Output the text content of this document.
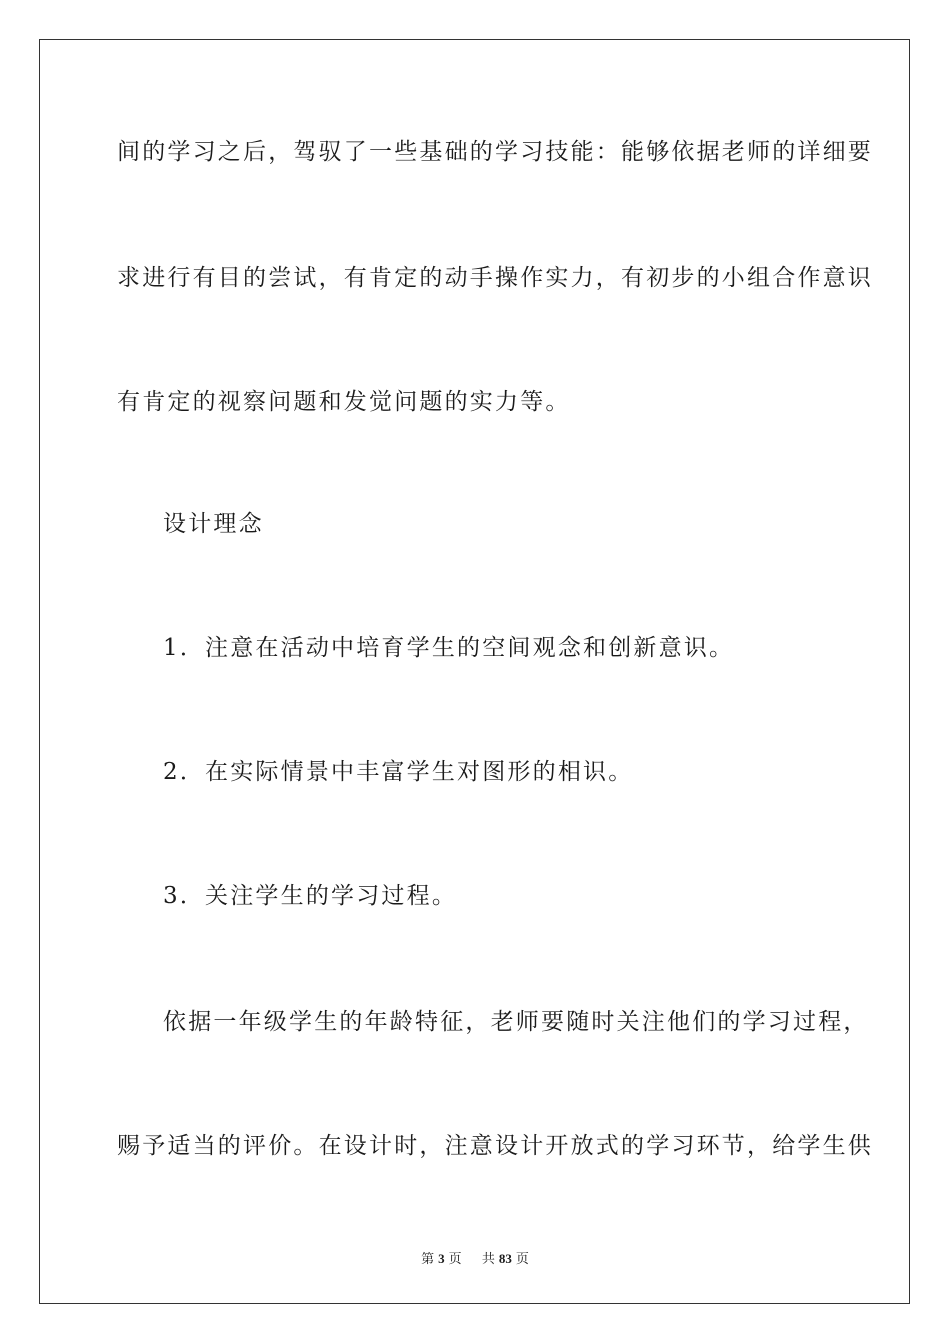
间的学习之后，驾驭了一些基础的学习技能：能够依据老师的详细要
求进行有目的尝试，有肯定的动手操作实力，有初步的小组合作意识
有肯定的视察问题和发觉问题的实力等。
设计理念
1．注意在活动中培育学生的空间观念和创新意识。
2．在实际情景中丰富学生对图形的相识。
3．关注学生的学习过程。
依据一年级学生的年龄特征，老师要随时关注他们的学习过程，
赐予适当的评价。在设计时，注意设计开放式的学习环节，给学生供
第 3 页 共 83 页
